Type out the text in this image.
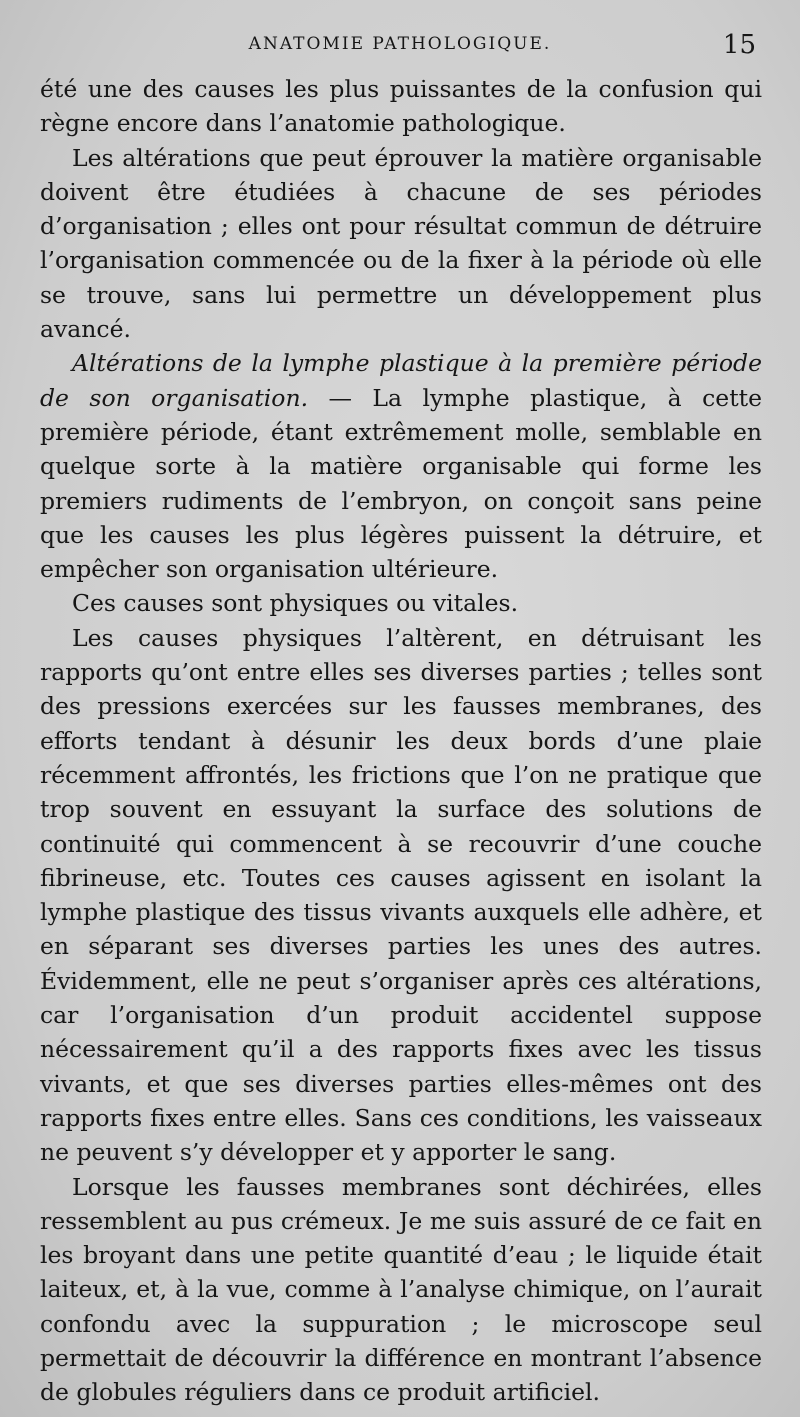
ANATOMIE PATHOLOGIQUE.	15

été une des causes les plus puissantes de la confusion qui règne encore dans l’anatomie pathologique.

Les altérations que peut éprouver la matière organisable doivent être étudiées à chacune de ses périodes d’organisation ; elles ont pour résultat commun de détruire l’organisation commencée ou de la fixer à la période où elle se trouve, sans lui permettre un développement plus avancé.

Altérations de la lymphe plastique à la première période de son organisation. — La lymphe plastique, à cette première période, étant extrêmement molle, semblable en quelque sorte à la matière organisable qui forme les premiers rudiments de l’embryon, on conçoit sans peine que les causes les plus légères puissent la détruire, et empêcher son organisation ultérieure.

Ces causes sont physiques ou vitales.

Les causes physiques l’altèrent, en détruisant les rapports qu’ont entre elles ses diverses parties ; telles sont des pressions exercées sur les fausses membranes, des efforts tendant à désunir les deux bords d’une plaie récemment affrontés, les frictions que l’on ne pratique que trop souvent en essuyant la surface des solutions de continuité qui commencent à se recouvrir d’une couche fibrineuse, etc. Toutes ces causes agissent en isolant la lymphe plastique des tissus vivants auxquels elle adhère, et en séparant ses diverses parties les unes des autres. Évidemment, elle ne peut s’organiser après ces altérations, car l’organisation d’un produit accidentel suppose nécessairement qu’il a des rapports fixes avec les tissus vivants, et que ses diverses parties elles-mêmes ont des rapports fixes entre elles. Sans ces conditions, les vaisseaux ne peuvent s’y développer et y apporter le sang.

Lorsque les fausses membranes sont déchirées, elles ressemblent au pus crémeux. Je me suis assuré de ce fait en les broyant dans une petite quantité d’eau ; le liquide était laiteux, et, à la vue, comme à l’analyse chimique, on l’aurait confondu avec la suppuration ; le microscope seul permettait de découvrir la différence en montrant l’absence de globules réguliers dans ce produit artificiel.
